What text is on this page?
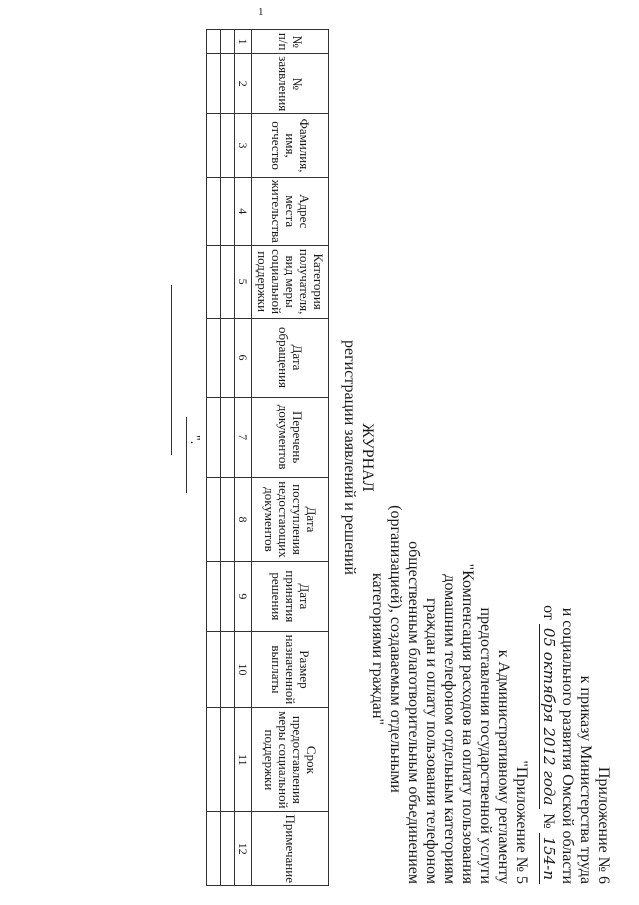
1
Приложение № 6
к приказу Министерства труда
и социального развития Омской области
от 05 октября 2012 года № 154-п
"Приложение № 5
к Административному регламенту
предоставления государственной услуги
"Компенсация расходов на оплату пользования
домашним телефоном отдельным категориям
граждан и оплату пользования телефоном
общественным благотворительным объединением
(организацией), создаваемым отдельными
категориями граждан"
ЖУРНАЛ
регистрации заявлений и решений
№ п/п	№ заявления	Фамилия, имя, отчество	Адрес места жительства	Категория получателя, вид меры социальной поддержки	Дата обращения	Перечень документов	Дата поступления недостающих документов	Дата принятия решения	Размер назначенной выплаты	Срок предоставления меры социальной поддержки	Примечание
1	2	3	4	5	6	7	8	9	10	11	12

".
